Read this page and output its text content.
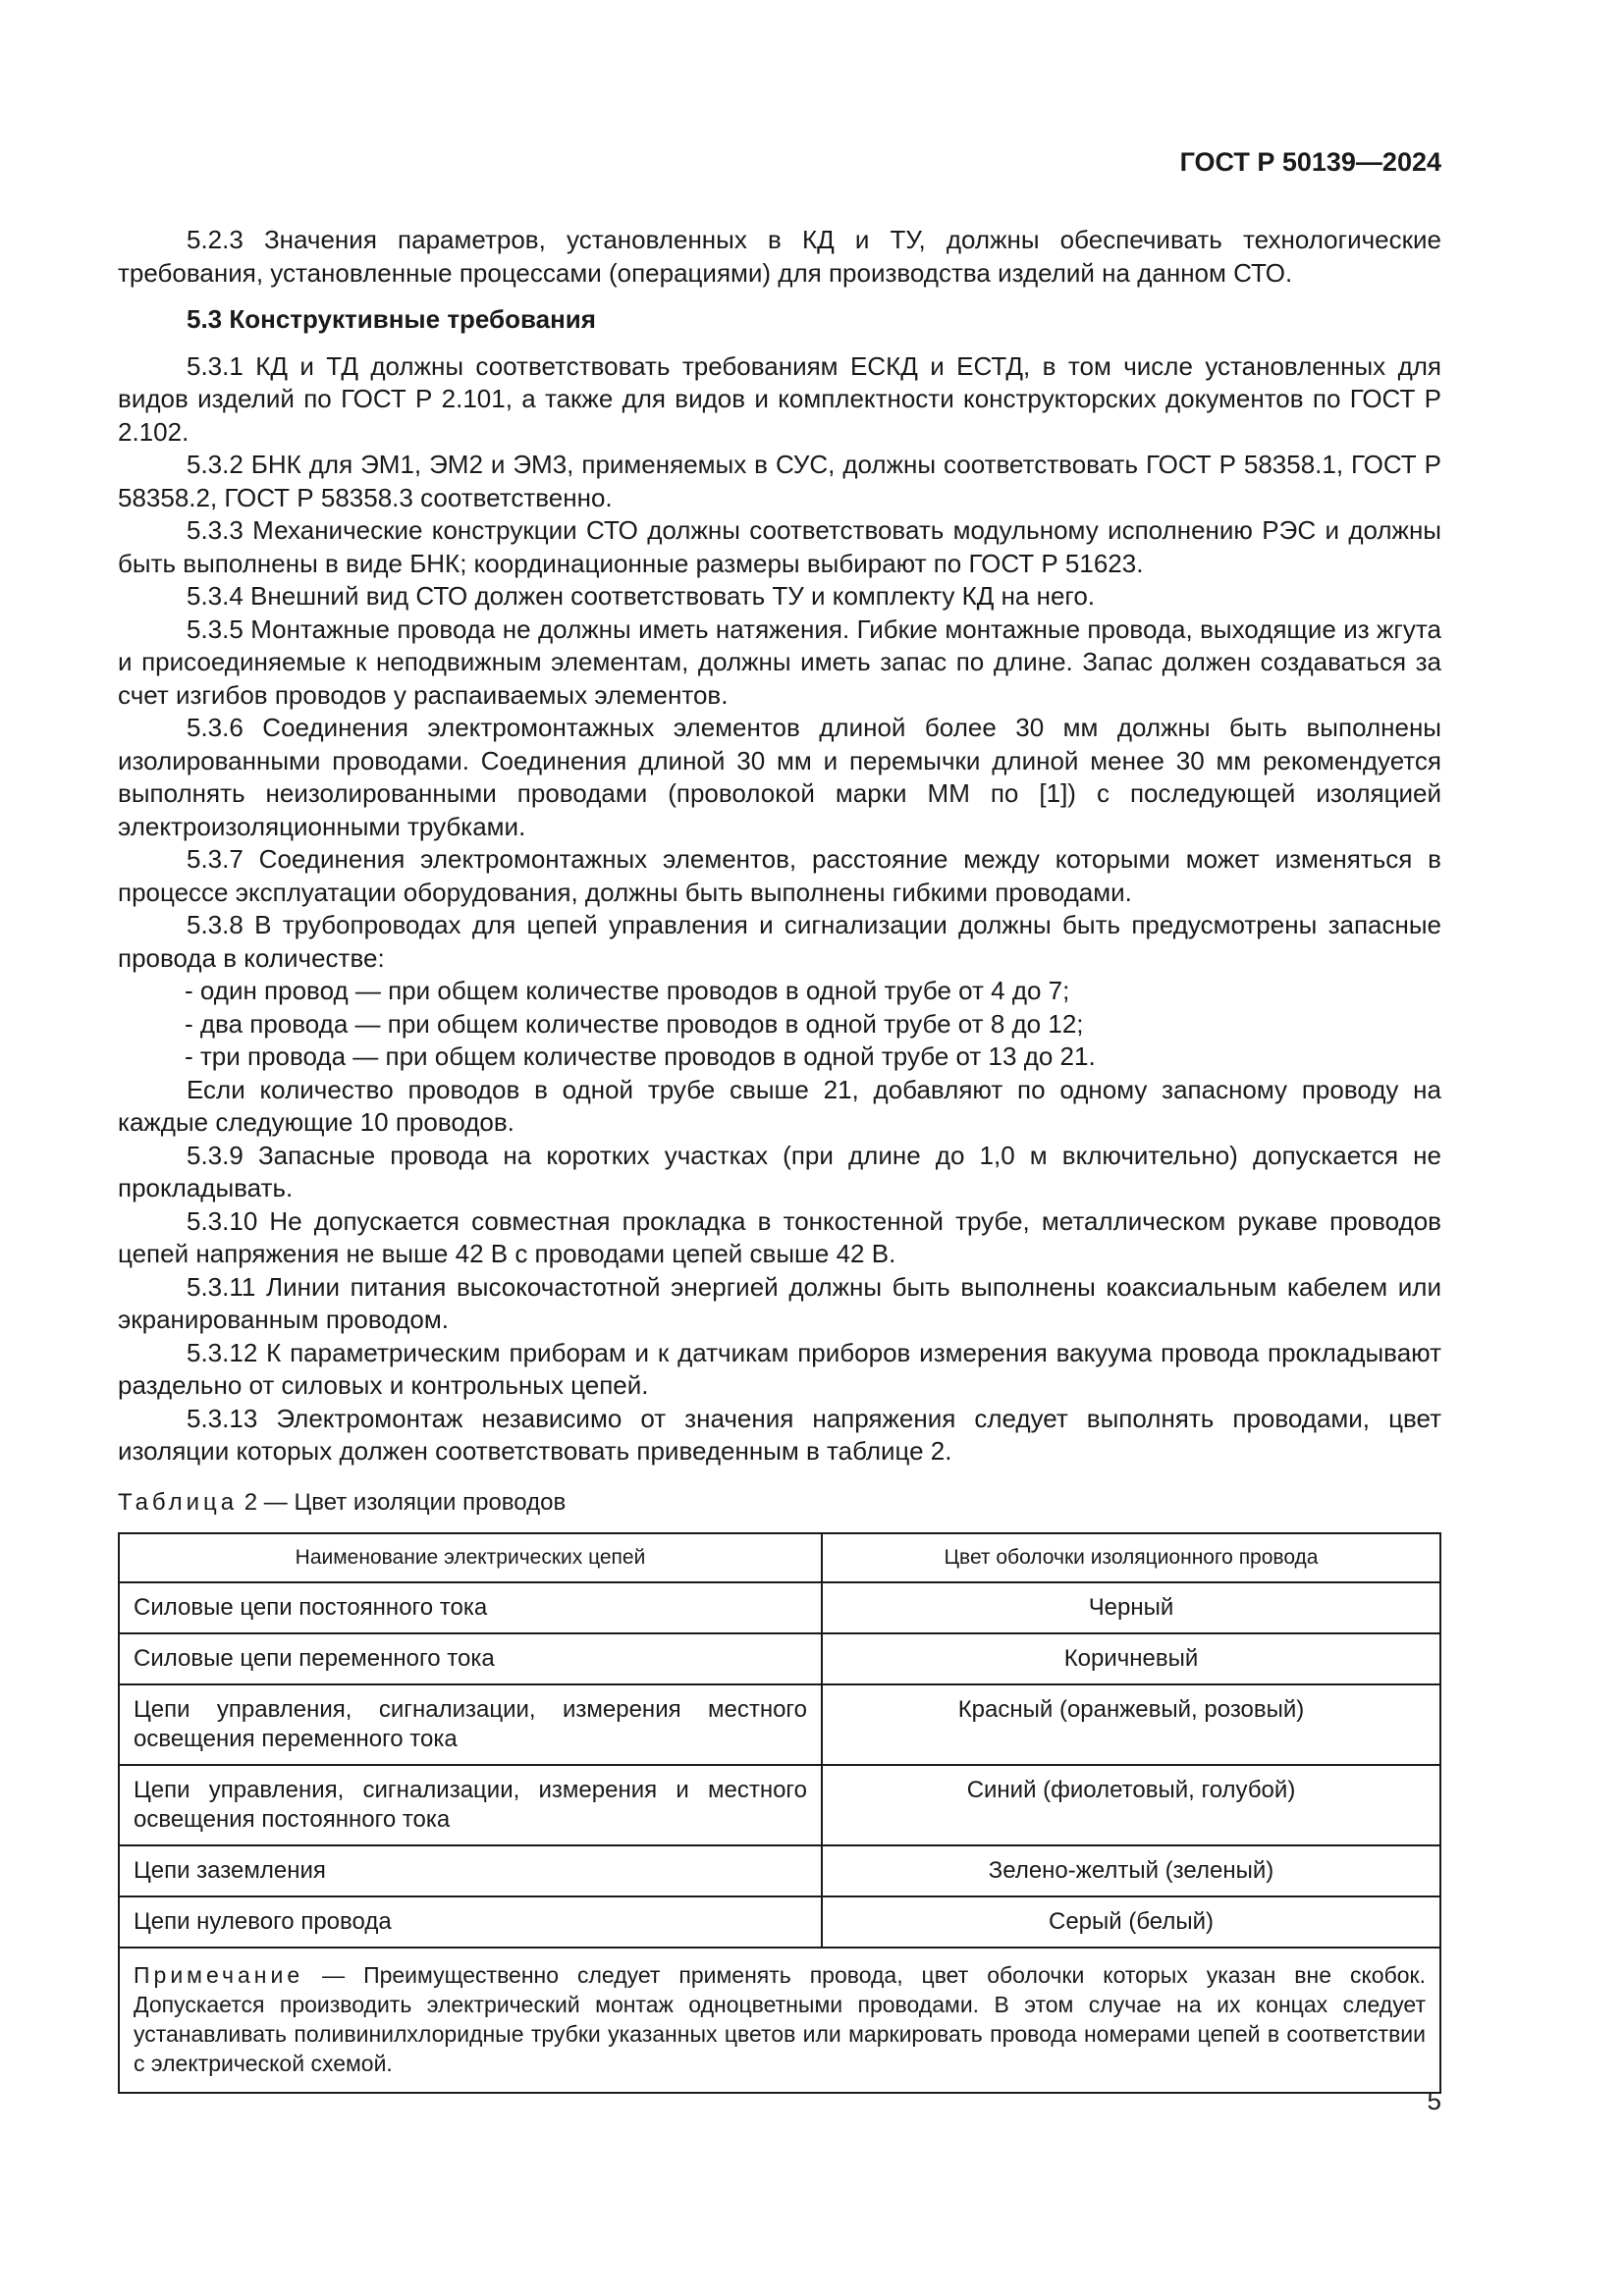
ГОСТ Р 50139—2024

5.2.3 Значения параметров, установленных в КД и ТУ, должны обеспечивать технологические требования, установленные процессами (операциями) для производства изделий на данном СТО.

5.3 Конструктивные требования

5.3.1 КД и ТД должны соответствовать требованиям ЕСКД и ЕСТД, в том числе установленных для видов изделий по ГОСТ Р 2.101, а также для видов и комплектности конструкторских документов по ГОСТ Р 2.102.

5.3.2 БНК для ЭМ1, ЭМ2 и ЭМ3, применяемых в СУС, должны соответствовать ГОСТ Р 58358.1, ГОСТ Р 58358.2, ГОСТ Р 58358.3 соответственно.

5.3.3 Механические конструкции СТО должны соответствовать модульному исполнению РЭС и должны быть выполнены в виде БНК; координационные размеры выбирают по ГОСТ Р 51623.

5.3.4 Внешний вид СТО должен соответствовать ТУ и комплекту КД на него.

5.3.5 Монтажные провода не должны иметь натяжения. Гибкие монтажные провода, выходящие из жгута и присоединяемые к неподвижным элементам, должны иметь запас по длине. Запас должен создаваться за счет изгибов проводов у распаиваемых элементов.

5.3.6 Соединения электромонтажных элементов длиной более 30 мм должны быть выполнены изолированными проводами. Соединения длиной 30 мм и перемычки длиной менее 30 мм рекомендуется выполнять неизолированными проводами (проволокой марки ММ по [1]) с последующей изоляцией электроизоляционными трубками.

5.3.7 Соединения электромонтажных элементов, расстояние между которыми может изменяться в процессе эксплуатации оборудования, должны быть выполнены гибкими проводами.

5.3.8 В трубопроводах для цепей управления и сигнализации должны быть предусмотрены запасные провода в количестве:

- один провод — при общем количестве проводов в одной трубе от 4 до 7;

- два провода — при общем количестве проводов в одной трубе от 8 до 12;

- три провода — при общем количестве проводов в одной трубе от 13 до 21.

Если количество проводов в одной трубе свыше 21, добавляют по одному запасному проводу на каждые следующие 10 проводов.

5.3.9 Запасные провода на коротких участках (при длине до 1,0 м включительно) допускается не прокладывать.

5.3.10 Не допускается совместная прокладка в тонкостенной трубе, металлическом рукаве проводов цепей напряжения не выше 42 В с проводами цепей свыше 42 В.

5.3.11 Линии питания высокочастотной энергией должны быть выполнены коаксиальным кабелем или экранированным проводом.

5.3.12 К параметрическим приборам и к датчикам приборов измерения вакуума провода прокладывают раздельно от силовых и контрольных цепей.

5.3.13 Электромонтаж независимо от значения напряжения следует выполнять проводами, цвет изоляции которых должен соответствовать приведенным в таблице 2.

Таблица 2 — Цвет изоляции проводов
Наименование электрических цепей	Цвет оболочки изоляционного провода
Силовые цепи постоянного тока	Черный
Силовые цепи переменного тока	Коричневый
Цепи управления, сигнализации, измерения местного освещения переменного тока	Красный (оранжевый, розовый)
Цепи управления, сигнализации, измерения и местного освещения постоянного тока	Синий (фиолетовый, голубой)
Цепи заземления	Зелено-желтый (зеленый)
Цепи нулевого провода	Серый (белый)
Примечание — Преимущественно следует применять провода, цвет оболочки которых указан вне скобок. Допускается производить электрический монтаж одноцветными проводами. В этом случае на их концах следует устанавливать поливинилхлоридные трубки указанных цветов или маркировать провода номерами цепей в соответствии с электрической схемой.	
5
